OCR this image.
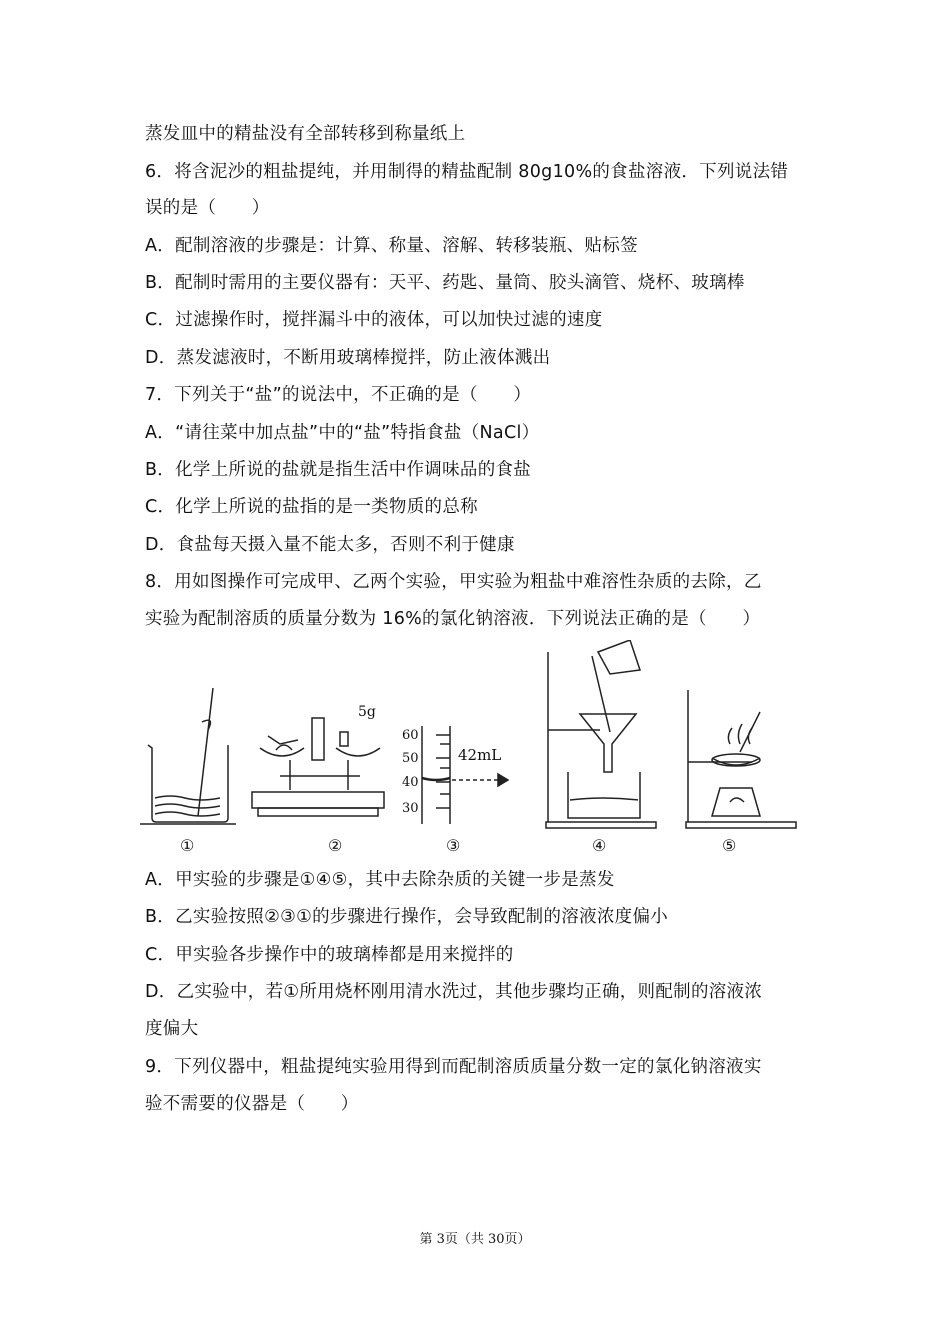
蒸发皿中的精盐没有全部转移到称量纸上
6．将含泥沙的粗盐提纯，并用制得的精盐配制 80g10%的食盐溶液．下列说法错
误的是（　　）
A．配制溶液的步骤是：计算、称量、溶解、转移装瓶、贴标签
B．配制时需用的主要仪器有：天平、药匙、量筒、胶头滴管、烧杯、玻璃棒
C．过滤操作时，搅拌漏斗中的液体，可以加快过滤的速度
D．蒸发滤液时，不断用玻璃棒搅拌，防止液体溅出
7．下列关于“盐”的说法中，不正确的是（　　）
A．“请往菜中加点盐”中的“盐”特指食盐（NaCl）
B．化学上所说的盐就是指生活中作调味品的食盐
C．化学上所说的盐指的是一类物质的总称
D．食盐每天摄入量不能太多，否则不利于健康
8．用如图操作可完成甲、乙两个实验，甲实验为粗盐中难溶性杂质的去除，乙
实验为配制溶质的质量分数为 16%的氯化钠溶液．下列说法正确的是（　　）
5g
60
50
40
30
42mL
①	②	③	④	⑤
A．甲实验的步骤是①④⑤，其中去除杂质的关键一步是蒸发
B．乙实验按照②③①的步骤进行操作，会导致配制的溶液浓度偏小
C．甲实验各步操作中的玻璃棒都是用来搅拌的
D．乙实验中，若①所用烧杯刚用清水洗过，其他步骤均正确，则配制的溶液浓
度偏大
9．下列仪器中，粗盐提纯实验用得到而配制溶质质量分数一定的氯化钠溶液实
验不需要的仪器是（　　）
第 3页（共 30页）
